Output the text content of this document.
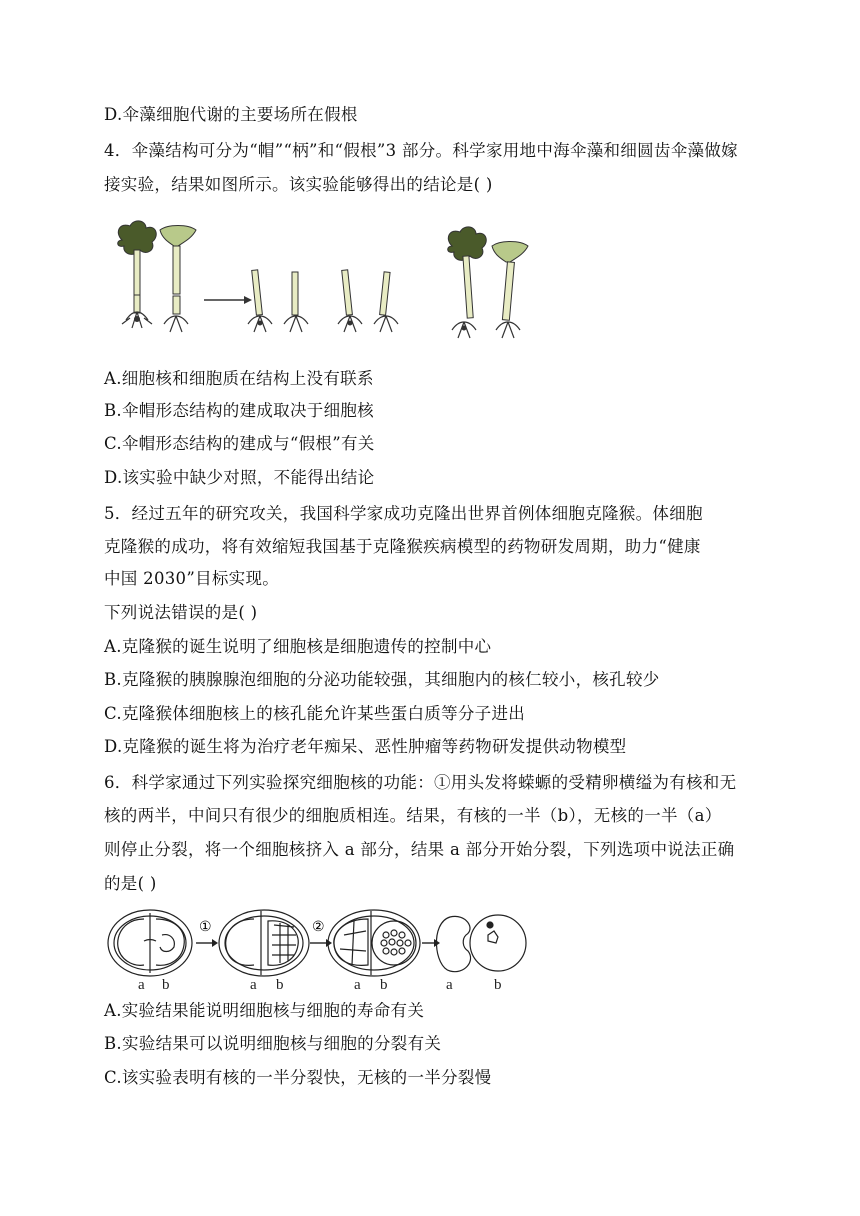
D.伞藻细胞代谢的主要场所在假根
4．伞藻结构可分为“帽”“柄”和“假根”3 部分。科学家用地中海伞藻和细圆齿伞藻做嫁
接实验，结果如图所示。该实验能够得出的结论是( )
A.细胞核和细胞质在结构上没有联系
B.伞帽形态结构的建成取决于细胞核
C.伞帽形态结构的建成与“假根”有关
D.该实验中缺少对照，不能得出结论
5．经过五年的研究攻关，我国科学家成功克隆出世界首例体细胞克隆猴。体细胞
克隆猴的成功，将有效缩短我国基于克隆猴疾病模型的药物研发周期，助力“健康
中国 2030”目标实现。
下列说法错误的是( )
A.克隆猴的诞生说明了细胞核是细胞遗传的控制中心
B.克隆猴的胰腺腺泡细胞的分泌功能较强，其细胞内的核仁较小，核孔较少
C.克隆猴体细胞核上的核孔能允许某些蛋白质等分子进出
D.克隆猴的诞生将为治疗老年痴呆、恶性肿瘤等药物研发提供动物模型
6．科学家通过下列实验探究细胞核的功能：①用头发将蝾螈的受精卵横缢为有核和无
核的两半，中间只有很少的细胞质相连。结果，有核的一半（b），无核的一半（a）
则停止分裂，将一个细胞核挤入 a 部分，结果 a 部分开始分裂，下列选项中说法正确
的是( )
①	②
a b	a b	a b	a	b
A.实验结果能说明细胞核与细胞的寿命有关
B.实验结果可以说明细胞核与细胞的分裂有关
C.该实验表明有核的一半分裂快，无核的一半分裂慢
